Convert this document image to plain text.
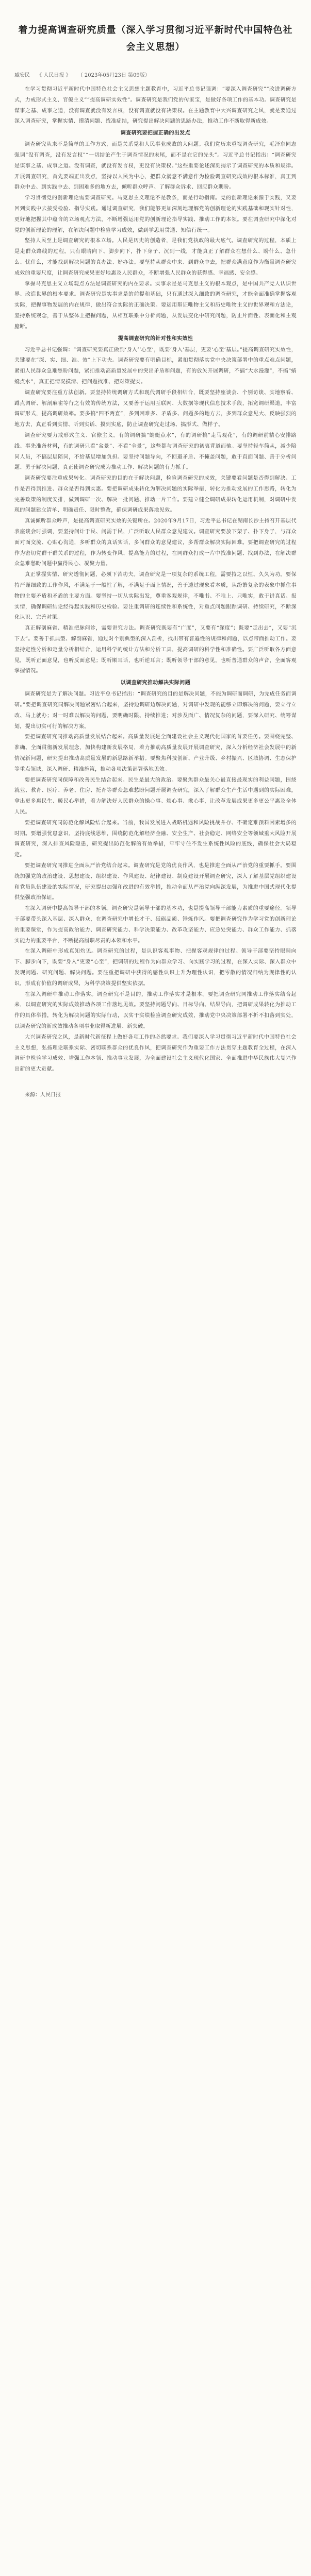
着力提高调查研究质量（深入学习贯彻习近平新时代中国特色社会主义思想）
臧安民 《 人民日报 》 （ 2023年05月23日 第09版）

在学习贯彻习近平新时代中国特色社会主义思想主题教育中，习近平总书记强调：“要深入调查研究”“改进调研方式，力戒形式主义、官僚主义”“提高调研实效性”。调查研究是我们党的传家宝，是做好各项工作的基本功。调查研究是谋事之基、成事之道，没有调查就没有发言权，没有调查就没有决策权。在主题教育中大兴调查研究之风，就是要通过深入调查研究，掌握实情、摸清问题、找准症结，研究提出解决问题的思路办法，推动工作不断取得新成效。

调查研究要把握正确的出发点

调查研究从来不是简单的工作方式，而是关系党和人民事业成败的大问题。我们党历来重视调查研究，毛泽东同志强调“没有调查，没有发言权”“一切结论产生于调查情况的末尾，而不是在它的先头”。习近平总书记指出：“调查研究是谋事之基、成事之道。没有调查，就没有发言权，更没有决策权。”这些重要论述深刻揭示了调查研究的本质和规律。开展调查研究，首先要端正出发点，坚持以人民为中心，把群众满意不满意作为检验调查研究成效的根本标准，真正到群众中去、到实践中去、到困难多的地方去，倾听群众呼声、了解群众诉求、回应群众期盼。

学习贯彻党的创新理论需要调查研究。马克思主义理论不是教条，而是行动指南。党的创新理论来源于实践，又要回到实践中去接受检验、指导实践。通过调查研究，我们能够更加深刻地理解党的创新理论的实践基础和现实针对性，更好地把握其中蕴含的立场观点方法，不断增强运用党的创新理论指导实践、推动工作的本领。要在调查研究中深化对党的创新理论的理解，在解决问题中检验学习成效，做到学思用贯通、知信行统一。

坚持人民至上是调查研究的根本立场。人民是历史的创造者，是我们党执政的最大底气。调查研究的过程，本质上是走群众路线的过程。只有眼睛向下、脚步向下，扑下身子、沉到一线，才能真正了解群众在想什么、盼什么、急什么、忧什么，才能找到解决问题的真办法、好办法。要坚持从群众中来、到群众中去，把群众满意度作为衡量调查研究成效的重要尺度，让调查研究成果更好地惠及人民群众，不断增强人民群众的获得感、幸福感、安全感。

掌握马克思主义立场观点方法是调查研究的内在要求。实事求是是马克思主义的根本观点，是中国共产党人认识世界、改造世界的根本要求。调查研究是实事求是的前提和基础，只有通过深入细致的调查研究，才能全面准确掌握客观实际，把握事物发展的内在规律，做出符合实际的正确决策。要运用辩证唯物主义和历史唯物主义的世界观和方法论，坚持系统观念，善于从整体上把握问题，从相互联系中分析问题，从发展变化中研究问题，防止片面性、表面化和主观臆断。

提高调查研究的针对性和实效性

习近平总书记强调：“调查研究要真正做到‘身入’‘心至’，既要‘身入’基层，更要‘心至’基层。”提高调查研究实效性，关键要在“深、实、细、准、效”上下功夫。调查研究要有明确目标，紧扣贯彻落实党中央决策部署中的重点难点问题，紧扣人民群众急难愁盼问题，紧扣推动高质量发展中的突出矛盾和问题，有的放矢开展调研，不搞“大水漫灌”，不搞“蜻蜓点水”，真正把情况摸清、把问题找准、把对策提实。

调查研究要注重方法创新。要坚持传统调研方式和现代调研手段相结合，既要坚持座谈会、个别访谈、实地察看、蹲点调研、解剖麻雀等行之有效的传统方法，又要善于运用互联网、大数据等现代信息技术手段，拓宽调研渠道，丰富调研形式，提高调研效率。要多搞“四不两直”，多到困难多、矛盾多、问题多的地方去，多到群众意见大、反映强烈的地方去，真正看到实情、听到实话、摸到实底，防止调查研究走过场、搞形式、做样子。

调查研究要力戒形式主义、官僚主义。有的调研搞“蜻蜓点水”，有的调研搞“走马观花”，有的调研前精心安排路线、事先准备材料，有的调研只看“盆景”、不看“全景”，这些都与调查研究的初衷背道而驰。要坚持轻车简从，减少陪同人员，不搞层层陪同，不给基层增加负担。要坚持问题导向，不回避矛盾、不掩盖问题，敢于直面问题、善于分析问题、勇于解决问题，真正使调查研究成为推动工作、解决问题的有力抓手。

调查研究要注重成果转化。调查研究的目的在于解决问题，检验调查研究的成效，关键要看问题是否得到解决、工作是否得到推进、群众是否得到实惠。要把调研成果转化为解决问题的实际举措，转化为推动发展的工作思路，转化为完善政策的制度安排，做到调研一次、解决一批问题、推动一片工作。要建立健全调研成果转化运用机制，对调研中发现的问题建立清单、明确责任、限时整改，确保调研成果落地见效。

真诚倾听群众呼声，是提高调查研究实效的关键所在。2020年9月17日，习近平总书记在湖南长沙主持召开基层代表座谈会时强调，要坚持问计于民、问需于民，广泛听取人民群众意见建议。调查研究要放下架子、扑下身子，与群众面对面交流、心贴心沟通，多听群众的真话实话，多问群众的意见建议，多帮群众解决实际困难。要把调查研究的过程作为密切党群干群关系的过程，作为转变作风、提高能力的过程，在同群众打成一片中找准问题、找到办法，在解决群众急难愁盼问题中赢得民心、凝聚力量。

真正掌握实情、研究透彻问题，必须下苦功夫。调查研究是一项复杂的系统工程，需要持之以恒、久久为功。要保持严谨细致的工作作风，不满足于一般性了解，不满足于面上情况，善于透过现象看本质，从纷繁复杂的表象中抓住事物的主要矛盾和矛盾的主要方面。要坚持一切从实际出发，尊重客观规律，不唯书、不唯上、只唯实，敢于讲真话、报实情，确保调研结论经得起实践和历史检验。要注重调研的连续性和系统性，对重点问题跟踪调研、持续研究，不断深化认识、完善对策。

真正解剖麻雀、精准把脉问诊，需要讲究方法。调查研究既要有“广度”，又要有“深度”；既要“走出去”，又要“沉下去”。要善于抓典型、解剖麻雀，通过对个别典型的深入剖析，找出带有普遍性的规律和问题，以点带面推动工作。要坚持定性分析和定量分析相结合，运用科学的统计方法和分析工具，提高调研的科学性和准确性。要广泛听取各方面意见，既听正面意见，也听反面意见；既听顺耳话，也听逆耳言；既听领导干部的意见，也听普通群众的声音，全面客观掌握情况。

以调查研究推动解决实际问题

调查研究是为了解决问题。习近平总书记指出：“调查研究的目的是解决问题，不能为调研而调研，为完成任务而调研。”要把调查研究同解决问题紧密结合起来，坚持边调研边解决问题，对调研中发现的能够立即解决的问题，要立行立改、马上就办；对一时难以解决的问题，要明确时限、持续推进；对涉及面广、情况复杂的问题，要深入研究、统筹谋划，提出切实可行的解决方案。

要把调查研究同推动高质量发展结合起来。高质量发展是全面建设社会主义现代化国家的首要任务。要围绕完整、准确、全面贯彻新发展理念，加快构建新发展格局，着力推动高质量发展开展调查研究，深入分析经济社会发展中的新情况新问题，研究提出推动高质量发展的新思路新举措。要聚焦科技创新、产业升级、乡村振兴、区域协调、生态保护等重点领域，深入调研、精准施策，推动各项决策部署落地见效。

要把调查研究同保障和改善民生结合起来。民生是最大的政治。要聚焦群众最关心最直接最现实的利益问题，围绕就业、教育、医疗、养老、住房、托育等群众急难愁盼问题开展调查研究，深入了解群众生产生活中遇到的实际困难，拿出更多惠民生、暖民心举措，着力解决好人民群众的操心事、烦心事、揪心事，让改革发展成果更多更公平惠及全体人民。

要把调查研究同防范化解风险结合起来。当前，我国发展进入战略机遇和风险挑战并存、不确定难预料因素增多的时期。要增强忧患意识，坚持底线思维，围绕防范化解经济金融、安全生产、社会稳定、网络安全等领域重大风险开展调查研究，深入排查风险隐患，研究提出防范化解的有效举措，牢牢守住不发生系统性风险的底线，确保社会大局稳定。

要把调查研究同推进全面从严治党结合起来。调查研究是党的优良作风，也是推进全面从严治党的重要抓手。要围绕加强党的政治建设、思想建设、组织建设、作风建设、纪律建设、制度建设开展调查研究，深入了解基层党组织建设和党员队伍建设的实际情况，研究提出加强和改进的有效举措，推动全面从严治党向纵深发展，为推进中国式现代化提供坚强政治保证。

在深入调研中提高领导干部的本领。调查研究是领导干部的基本功，也是提高领导干部能力素质的重要途径。领导干部要带头深入基层、深入群众，在调查研究中增长才干、砥砺品质、锤炼作风。要把调查研究作为学习党的创新理论的重要课堂，作为提高政治能力、调查研究能力、科学决策能力、改革攻坚能力、应急处突能力、群众工作能力、抓落实能力的重要平台，不断提高履职尽责的本领和水平。

在深入调研中形成真知灼见。调查研究的过程，是认识客观事物、把握客观规律的过程。领导干部要坚持眼睛向下、脚步向下，既要“身入”更要“心至”，把调研的过程作为向群众学习、向实践学习的过程，在深入实际、深入群众中发现问题、研究问题、解决问题。要注重把调研中获得的感性认识上升为理性认识，把零散的情况归纳为规律性的认识，形成有价值的调研成果，为科学决策提供坚实依据。

在深入调研中推动工作落实。调查研究不是目的，推动工作落实才是根本。要把调查研究同推动工作落实结合起来，以调查研究的实际成效推动各项工作落地见效。要坚持问题导向、目标导向、结果导向，把调研成果转化为推动工作的具体举措，转化为解决问题的实际行动，以实干实绩检验调查研究成效，推动党中央决策部署不折不扣落到实处，以调查研究的新成效推动各项事业取得新进展、新突破。

大兴调查研究之风，是新时代新征程上做好各项工作的必然要求。我们要深入学习贯彻习近平新时代中国特色社会主义思想，弘扬理论联系实际、密切联系群众的优良作风，把调查研究作为重要工作方法贯穿主题教育全过程，在深入调研中检验学习成效、增强工作本领、推动事业发展，为全面建设社会主义现代化国家、全面推进中华民族伟大复兴作出新的更大贡献。

来源：人民日报
